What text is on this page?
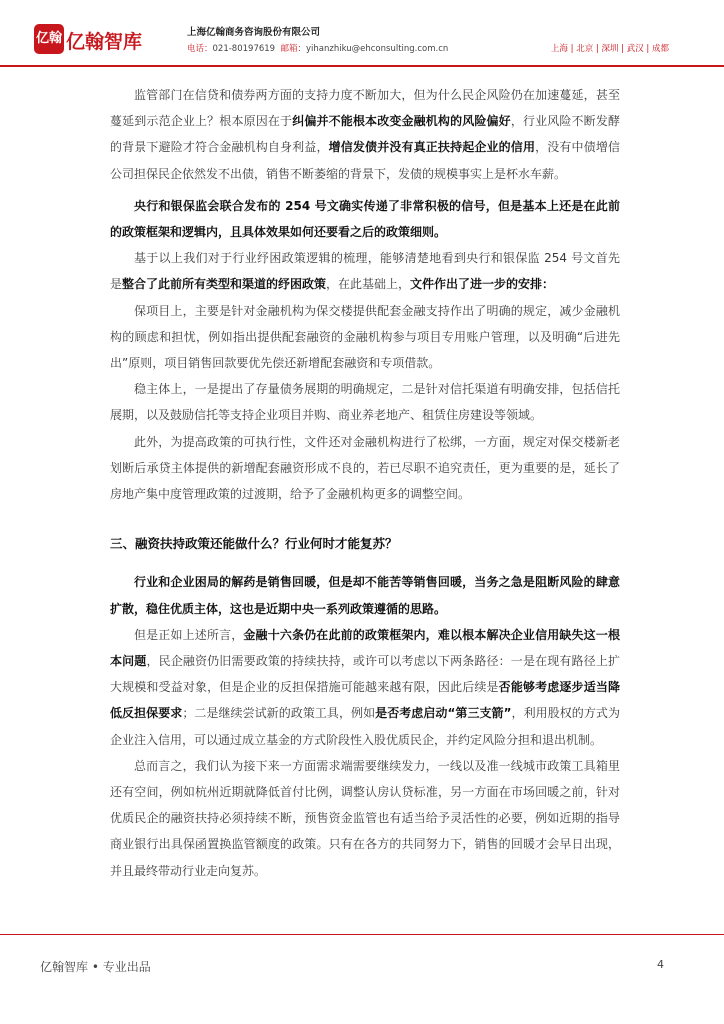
亿翰 亿翰智库	上海亿翰商务咨询股份有限公司
电话：021-80197619 邮箱：yihanzhiku@ehconsulting.com.cn	上海 | 北京 | 深圳 | 武汉 | 成都

监管部门在信贷和债券两方面的支持力度不断加大，但为什么民企风险仍在加速蔓延，甚至蔓延到示范企业上？根本原因在于纠偏并不能根本改变金融机构的风险偏好，行业风险不断发酵的背景下避险才符合金融机构自身利益，增信发债并没有真正扶持起企业的信用，没有中债增信公司担保民企依然发不出债，销售不断萎缩的背景下，发债的规模事实上是杯水车薪。

央行和银保监会联合发布的 254 号文确实传递了非常积极的信号，但是基本上还是在此前的政策框架和逻辑内，且具体效果如何还要看之后的政策细则。

基于以上我们对于行业纾困政策逻辑的梳理，能够清楚地看到央行和银保监 254 号文首先是整合了此前所有类型和渠道的纾困政策，在此基础上，文件作出了进一步的安排：

保项目上，主要是针对金融机构为保交楼提供配套金融支持作出了明确的规定，减少金融机构的顾虑和担忧，例如指出提供配套融资的金融机构参与项目专用账户管理，以及明确“后进先出”原则，项目销售回款要优先偿还新增配套融资和专项借款。

稳主体上，一是提出了存量债务展期的明确规定，二是针对信托渠道有明确安排，包括信托展期，以及鼓励信托等支持企业项目并购、商业养老地产、租赁住房建设等领域。

此外，为提高政策的可执行性，文件还对金融机构进行了松绑，一方面，规定对保交楼新老划断后承贷主体提供的新增配套融资形成不良的，若已尽职不追究责任，更为重要的是，延长了房地产集中度管理政策的过渡期，给予了金融机构更多的调整空间。

三、融资扶持政策还能做什么？行业何时才能复苏？

行业和企业困局的解药是销售回暖，但是却不能苦等销售回暖，当务之急是阻断风险的肆意扩散，稳住优质主体，这也是近期中央一系列政策遵循的思路。

但是正如上述所言，金融十六条仍在此前的政策框架内，难以根本解决企业信用缺失这一根本问题，民企融资仍旧需要政策的持续扶持，或许可以考虑以下两条路径：一是在现有路径上扩大规模和受益对象，但是企业的反担保措施可能越来越有限，因此后续是否能够考虑逐步适当降低反担保要求；二是继续尝试新的政策工具，例如是否考虑启动“第三支箭”，利用股权的方式为企业注入信用，可以通过成立基金的方式阶段性入股优质民企，并约定风险分担和退出机制。

总而言之，我们认为接下来一方面需求端需要继续发力，一线以及准一线城市政策工具箱里还有空间，例如杭州近期就降低首付比例，调整认房认贷标准，另一方面在市场回暖之前，针对优质民企的融资扶持必须持续不断，预售资金监管也有适当给予灵活性的必要，例如近期的指导商业银行出具保函置换监管额度的政策。只有在各方的共同努力下，销售的回暖才会早日出现，并且最终带动行业走向复苏。

亿翰智库 • 专业出品	4
